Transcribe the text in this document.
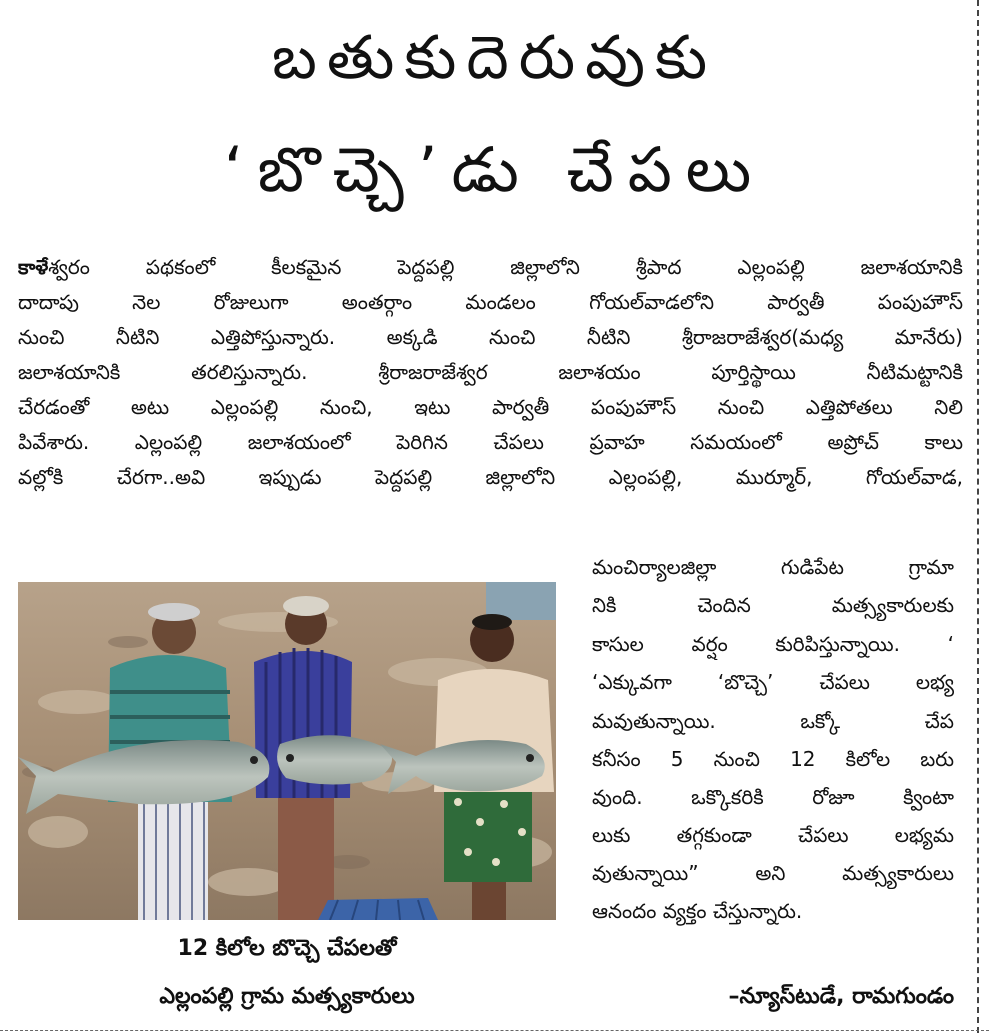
బతుకుదెరువుకు
‘బొచ్చె’డు చేపలు
కాళేశ్వరం పథకంలో కీలకమైన పెద్దపల్లి జిల్లాలోని శ్రీపాద ఎల్లంపల్లి జలాశయానికి
దాదాపు నెల రోజులుగా అంతర్గాం మండలం గోయల్‌వాడలోని పార్వతీ పంపుహౌస్
నుంచి నీటిని ఎత్తిపోస్తున్నారు. అక్కడి నుంచి నీటిని శ్రీరాజరాజేశ్వర(మధ్య మానేరు)
జలాశయానికి తరలిస్తున్నారు. శ్రీరాజరాజేశ్వర జలాశయం పూర్తిస్థాయి నీటిమట్టానికి
చేరడంతో అటు ఎల్లంపల్లి నుంచి, ఇటు పార్వతీ పంపుహౌస్ నుంచి ఎత్తిపోతలు నిలి
పివేశారు. ఎల్లంపల్లి జలాశయంలో పెరిగిన చేపలు ప్రవాహ సమయంలో అప్రోచ్ కాలు
వల్లోకి చేరగా..అవి ఇప్పుడు పెద్దపల్లి జిల్లాలోని ఎల్లంపల్లి, ముర్మూర్, గోయల్‌వాడ,
మంచిర్యాలజిల్లా గుడిపేట గ్రామా
నికి చెందిన మత్స్యకారులకు
కాసుల వర్షం కురిపిస్తున్నాయి. ‘
‘ఎక్కువగా ‘బొచ్చె’ చేపలు లభ్య
మవుతున్నాయి. ఒక్కో చేప
కనీసం 5 నుంచి 12 కిలోల బరు
వుంది. ఒక్కొకరికి రోజూ క్వింటా
లుకు తగ్గకుండా చేపలు లభ్యమ
వుతున్నాయి” అని మత్స్యకారులు
ఆనందం వ్యక్తం చేస్తున్నారు.

12 కిలోల బొచ్చె చేపలతో

ఎల్లంపల్లి గ్రామ మత్స్యకారులు	–న్యూస్‌టుడే, రామగుండం
